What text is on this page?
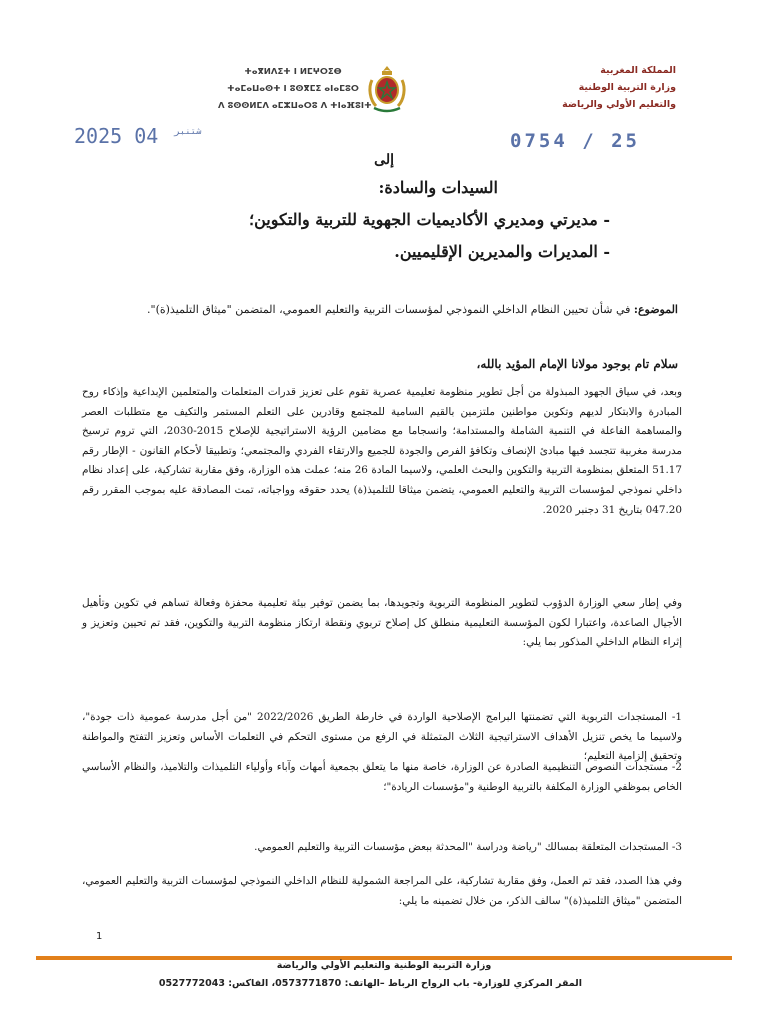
ⵜⴰⴳⵍⴷⵉⵜ ⵏ ⵍⵎⵖⵔⵉⴱ
ⵜⴰⵎⴰⵡⴰⵙⵜ ⵏ ⵓⵙⴳⵎⵉ ⴰⵏⴰⵎⵓⵔ
ⴷ ⵓⵙⵙⵍⵎⴷ ⴰⵎⵣⵡⴰⵔⵓ ⴷ ⵜⵏⴰⴼⵓⵏⵜ
المملكة المغربية
وزارة التربية الوطنية
والتعليم الأولي والرياضة
2025	$^{شتنبر}$ 04	0754 / 25
إلى
السيدات والسادة:
- مديرتي ومديري الأكاديميات الجهوية للتربية والتكوين؛
- المديرات والمديرين الإقليميين.
الموضوع: في شأن تحيين النظام الداخلي النموذجي لمؤسسات التربية والتعليم العمومي، المتضمن "ميثاق التلميذ(ة)".
سلام تام بوجود مولانا الإمام المؤيد بالله،
وبعد، في سياق الجهود المبذولة من أجل تطوير منظومة تعليمية عصرية تقوم على تعزيز قدرات المتعلمات والمتعلمين الإبداعية وإذكاء روح المبادرة والابتكار لديهم وتكوين مواطنين ملتزمين بالقيم السامية للمجتمع وقادرين على التعلم المستمر والتكيف مع متطلبات العصر والمساهمة الفاعلة في التنمية الشاملة والمستدامة؛ وانسجاما مع مضامين الرؤية الاستراتيجية للإصلاح 2015-2030، التي تروم ترسيخ مدرسة مغربية تتجسد فيها مبادئ الإنصاف وتكافؤ الفرص والجودة للجميع والارتقاء الفردي والمجتمعي؛ وتطبيقا لأحكام القانون - الإطار رقم 51.17 المتعلق بمنظومة التربية والتكوين والبحث العلمي، ولاسيما المادة 26 منه؛ عملت هذه الوزارة، وفق مقاربة تشاركية، على إعداد نظام داخلي نموذجي لمؤسسات التربية والتعليم العمومي، يتضمن ميثاقا للتلميذ(ة) يحدد حقوقه وواجباته، تمت المصادقة عليه بموجب المقرر رقم 047.20 بتاريخ 31 دجنبر 2020.
وفي إطار سعي الوزارة الدؤوب لتطوير المنظومة التربوية وتجويدها، بما يضمن توفير بيئة تعليمية محفزة وفعالة تساهم في تكوين وتأهيل الأجيال الصاعدة، واعتبارا لكون المؤسسة التعليمية منطلق كل إصلاح تربوي ونقطة ارتكاز منظومة التربية والتكوين، فقد تم تحيين وتعزيز و إثراء النظام الداخلي المذكور بما يلي:
1- المستجدات التربوية التي تضمنتها البرامج الإصلاحية الواردة في خارطة الطريق 2022/2026 "من أجل مدرسة عمومية ذات جودة"، ولاسيما ما يخص تنزيل الأهداف الاستراتيجية الثلاث المتمثلة في الرفع من مستوى التحكم في التعلمات الأساس وتعزيز التفتح والمواطنة وتحقيق إلزامية التعليم؛
2- مستجدات النصوص التنظيمية الصادرة عن الوزارة، خاصة منها ما يتعلق بجمعية أمهات وآباء وأولياء التلميذات والتلاميذ، والنظام الأساسي الخاص بموظفي الوزارة المكلفة بالتربية الوطنية و"مؤسسات الريادة"؛
3- المستجدات المتعلقة بمسالك "رياضة ودراسة "المحدثة ببعض مؤسسات التربية والتعليم العمومي.
وفي هذا الصدد، فقد تم العمل، وفق مقاربة تشاركية، على المراجعة الشمولية للنظام الداخلي النموذجي لمؤسسات التربية والتعليم العمومي، المتضمن "ميثاق التلميذ(ة)" سالف الذكر، من خلال تضمينه ما يلي:
1
وزارة التربية الوطنية والتعليم الأولي والرياضة
المقر المركزي للوزارة- باب الرواح الرباط –الهاتف: 0573771870، الفاكس: 0527772043
